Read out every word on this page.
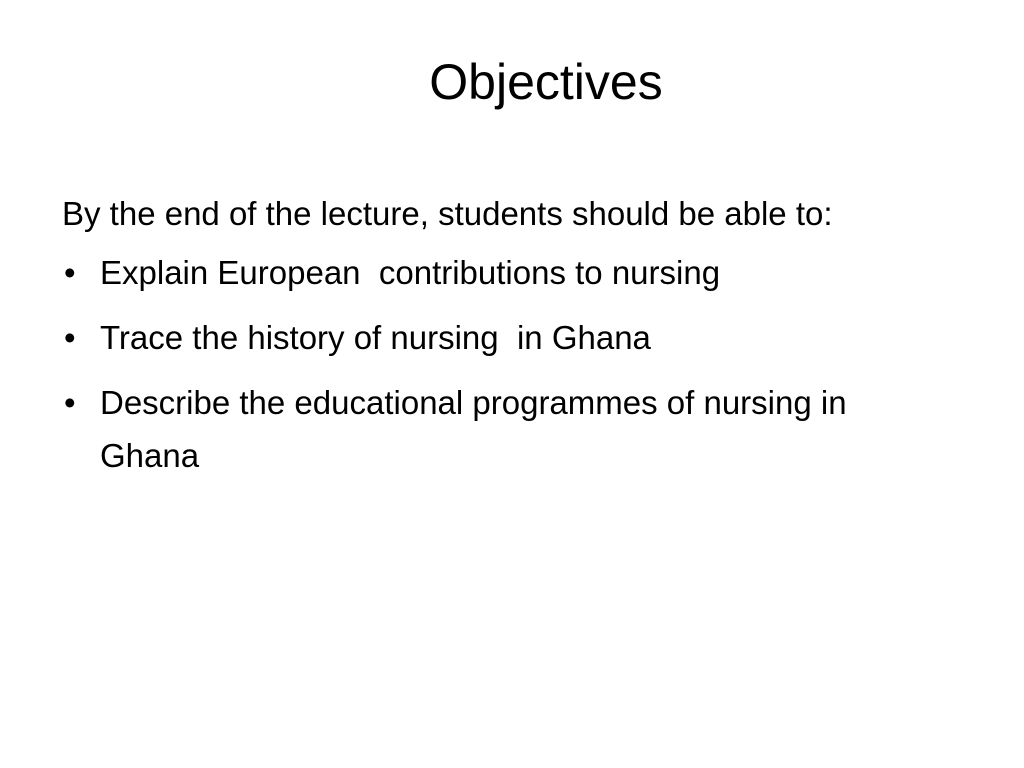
Objectives

By the end of the lecture, students should be able to:

• Explain European  contributions to nursing
• Trace the history of nursing  in Ghana
• Describe the educational programmes of nursing in Ghana
